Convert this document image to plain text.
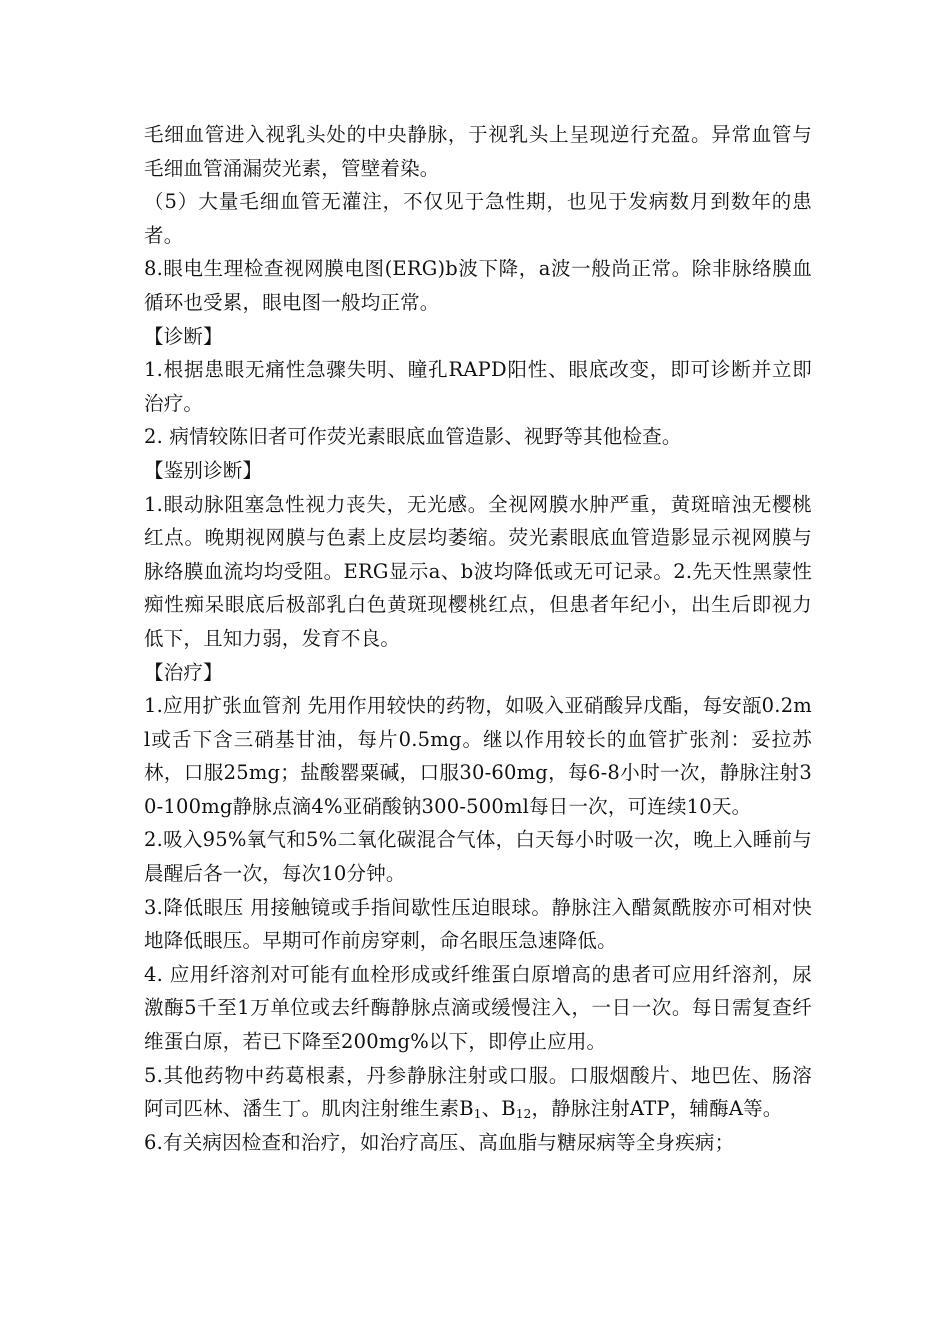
毛细血管进入视乳头处的中央静脉，于视乳头上呈现逆行充盈。异常血管与毛细血管涌漏荧光素，管壁着染。

（5）大量毛细血管无灌注，不仅见于急性期，也见于发病数月到数年的患者。

8.眼电生理检查视网膜电图(ERG)b波下降，a波一般尚正常。除非脉络膜血循环也受累，眼电图一般均正常。

【诊断】

1.根据患眼无痛性急骤失明、瞳孔RAPD阳性、眼底改变，即可诊断并立即治疗。

2. 病情较陈旧者可作荧光素眼底血管造影、视野等其他检查。

【鉴别诊断】

1.眼动脉阻塞急性视力丧失，无光感。全视网膜水肿严重，黄斑暗浊无樱桃红点。晚期视网膜与色素上皮层均萎缩。荧光素眼底血管造影显示视网膜与脉络膜血流均均受阻。ERG显示a、b波均降低或无可记录。2.先天性黑蒙性痴性痴呆眼底后极部乳白色黄斑现樱桃红点，但患者年纪小，出生后即视力低下，且知力弱，发育不良。

【治疗】

1.应用扩张血管剂 先用作用较快的药物，如吸入亚硝酸异戊酯，每安瓿0.2ml或舌下含三硝基甘油，每片0.5mg。继以作用较长的血管扩张剂：妥拉苏林，口服25mg；盐酸罂粟碱，口服30-60mg，每6-8小时一次，静脉注射30-100mg静脉点滴4%亚硝酸钠300-500ml每日一次，可连续10天。

2.吸入95%氧气和5%二氧化碳混合气体，白天每小时吸一次，晚上入睡前与晨醒后各一次，每次10分钟。

3.降低眼压 用接触镜或手指间歇性压迫眼球。静脉注入醋氮酰胺亦可相对快地降低眼压。早期可作前房穿刺，命名眼压急速降低。

4. 应用纤溶剂对可能有血栓形成或纤维蛋白原增高的患者可应用纤溶剂，尿激酶5千至1万单位或去纤酶静脉点滴或缓慢注入，一日一次。每日需复查纤维蛋白原，若已下降至200mg%以下，即停止应用。

5.其他药物中药葛根素，丹参静脉注射或口服。口服烟酸片、地巴佐、肠溶阿司匹林、潘生丁。肌肉注射维生素$B_1$、$B_{12}$，静脉注射ATP，辅酶A等。

6.有关病因检查和治疗，如治疗高压、高血脂与糖尿病等全身疾病；
